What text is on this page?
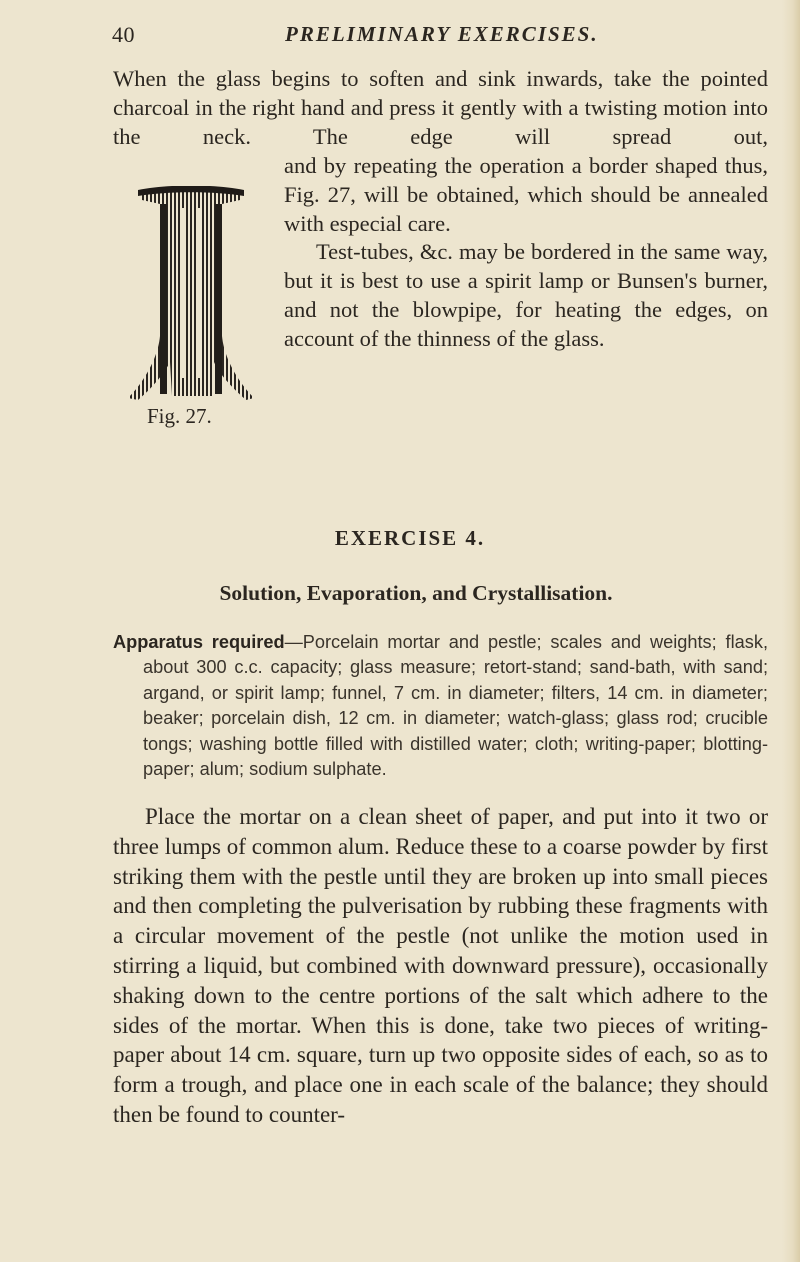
40	PRELIMINARY EXERCISES.
When the glass begins to soften and sink inwards, take the pointed charcoal in the right hand and press it gently with a twisting motion into the neck. The edge will spread out,
Fig. 27.
and by repeating the operation a border shaped thus, Fig. 27, will be obtained, which should be annealed with especial care.
Test-tubes, &c. may be bordered in the same way, but it is best to use a spirit lamp or Bunsen's burner, and not the blowpipe, for heating the edges, on account of the thinness of the glass.
EXERCISE 4.
Solution, Evaporation, and Crystallisation.
Apparatus required—Porcelain mortar and pestle; scales and weights; flask, about 300 c.c. capacity; glass measure; retort-stand; sand-bath, with sand; argand, or spirit lamp; funnel, 7 cm. in diameter; filters, 14 cm. in diameter; beaker; porcelain dish, 12 cm. in diameter; watch-glass; glass rod; crucible tongs; washing bottle filled with distilled water; cloth; writing-paper; blotting-paper; alum; sodium sulphate.
Place the mortar on a clean sheet of paper, and put into it two or three lumps of common alum. Reduce these to a coarse powder by first striking them with the pestle until they are broken up into small pieces and then completing the pulverisation by rubbing these fragments with a circular movement of the pestle (not unlike the motion used in stirring a liquid, but combined with downward pressure), occasionally shaking down to the centre portions of the salt which adhere to the sides of the mortar. When this is done, take two pieces of writing-paper about 14 cm. square, turn up two opposite sides of each, so as to form a trough, and place one in each scale of the balance; they should then be found to counter-
